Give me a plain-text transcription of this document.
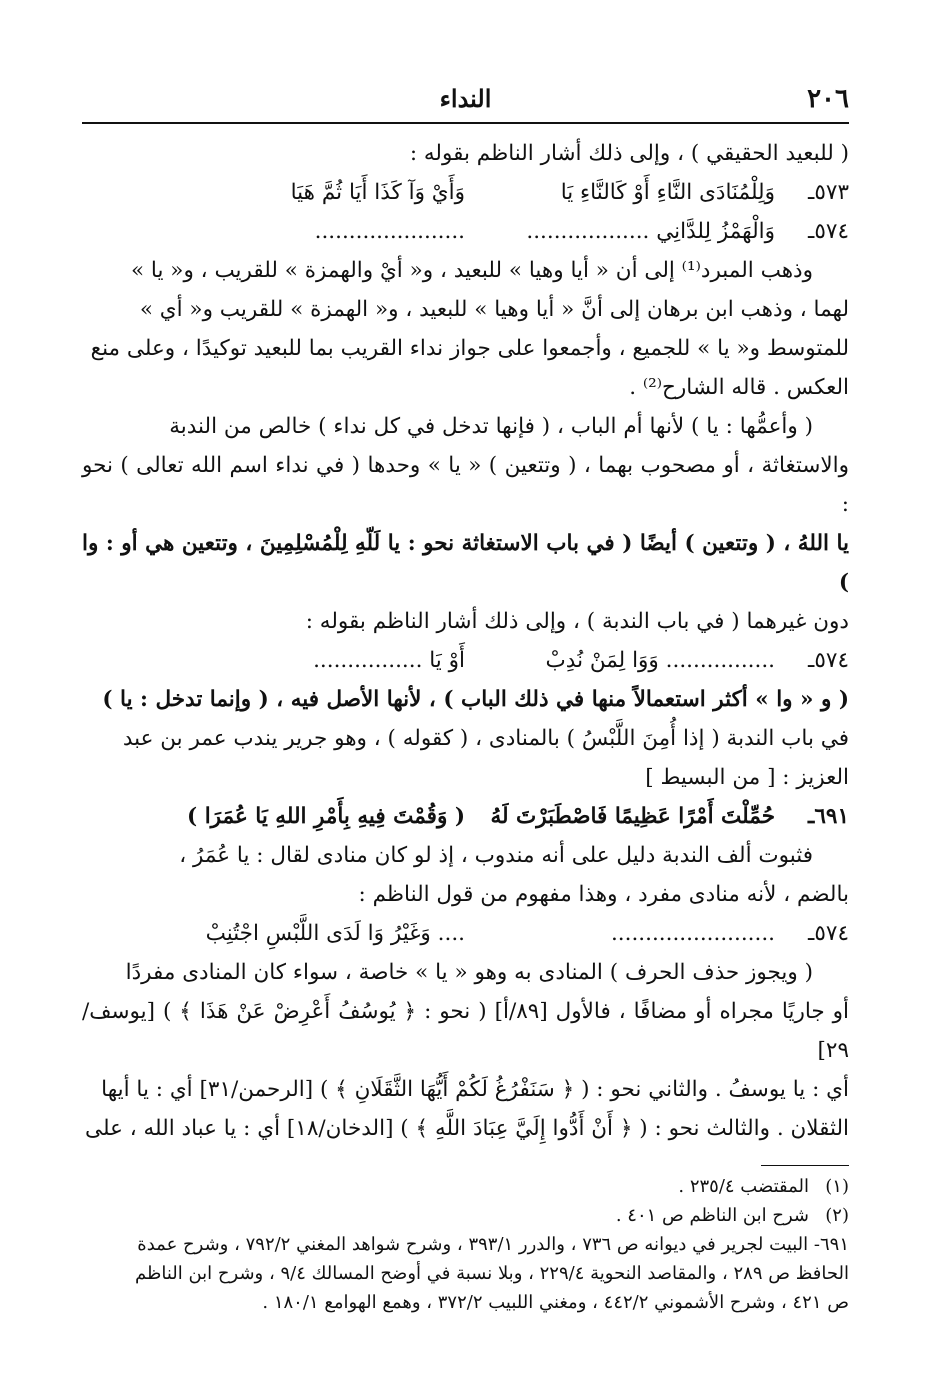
٢٠٦
النداء

( للبعيد الحقيقي ) ، وإلى ذلك أشار الناظم بقوله :

٥٧٣ـ
وَلِلْمُنَادَى النَّاءِ أَوْ كَالنَّاءِ يَا
وَأَيْ وَآ كَذَا أَيَا ثُمَّ هَيَا
٥٧٤ـ
وَالْهَمْزُ لِلدَّانِي ..................
......................

وذهب المبرد⁽¹⁾ إلى أن « أيا وهيا » للبعيد ، و« أيْ والهمزة » للقريب ، و« يا »

لهما ، وذهب ابن برهان إلى أنَّ « أيا وهيا » للبعيد ، و« الهمزة » للقريب و« أي »

للمتوسط و« يا » للجميع ، وأجمعوا على جواز نداء القريب بما للبعيد توكيدًا ، وعلى منع

العكس . قاله الشارح⁽²⁾ .

( وأعمُّها : يا ) لأنها أم الباب ، ( فإنها تدخل في كل نداء ) خالص من الندبة

والاستغاثة ، أو مصحوب بهما ، ( وتتعين ) « يا » وحدها ( في نداء اسم الله تعالى ) نحو :

يا اللهُ ، ( وتتعين ) أيضًا ( في باب الاستغاثة نحو : يا لَلّهِ لِلْمُسْلِمِينَ ، وتتعين هي أو : وا )

دون غيرهما ( في باب الندبة ) ، وإلى ذلك أشار الناظم بقوله :

٥٧٤ـ
................ وَوَا لِمَنْ نُدِبْ
أَوْ يَا ................

( و « وا » أكثر استعمالاً منها في ذلك الباب ) ، لأنها الأصل فيه ، ( وإنما تدخل : يا )

في باب الندبة ( إذا أُمِنَ اللَّبْسُ ) بالمنادى ، ( كقوله ) ، وهو جرير يندب عمر بن عبد

العزيز : [ من البسيط ]

٦٩١ـ
حُمِّلْتَ أَمْرًا عَظِيمًا فَاصْطَبَرْتَ لَهُ
( وَقُمْتَ فِيهِ بِأَمْرِ اللهِ يَا عُمَرَا )

فثبوت ألف الندبة دليل على أنه مندوب ، إذ لو كان منادى لقال : يا عُمَرُ ،

بالضم ، لأنه منادى مفرد ، وهذا مفهوم من قول الناظم :

٥٧٤ـ
........................
.... وَغَيْرُ وَا لَدَى اللَّبْسِ اجْتُنِبْ

( ويجوز حذف الحرف ) المنادى به وهو « يا » خاصة ، سواء كان المنادى مفردًا

أو جاريًا مجراه أو مضافًا ، فالأول [٨٩/أ] ( نحو : ﴿ يُوسُفُ أَعْرِضْ عَنْ هَذَا ﴾ ) [يوسف/٢٩]

أي : يا يوسفُ . والثاني نحو : ( ﴿ سَنَفْرُغُ لَكُمْ أَيُّهَا الثَّقَلَانِ ﴾ ) [الرحمن/٣١] أي : يا أيها

الثقلان . والثالث نحو : ( ﴿ أَنْ أَدُّوا إِلَيَّ عِبَادَ اللَّهِ ﴾ ) [الدخان/١٨] أي : يا عباد الله ، على

(١)المقتضب ٢٣٥/٤ .

(٢)شرح ابن الناظم ص ٤٠١ .

٦٩١- البيت لجرير في ديوانه ص ٧٣٦ ، والدرر ٣٩٣/١ ، وشرح شواهد المغني ٧٩٢/٢ ، وشرح عمدة

الحافظ ص ٢٨٩ ، والمقاصد النحوية ٢٢٩/٤ ، وبلا نسبة في أوضح المسالك ٩/٤ ، وشرح ابن الناظم

ص ٤٢١ ، وشرح الأشموني ٤٤٢/٢ ، ومغني اللبيب ٣٧٢/٢ ، وهمع الهوامع ١٨٠/١ .
